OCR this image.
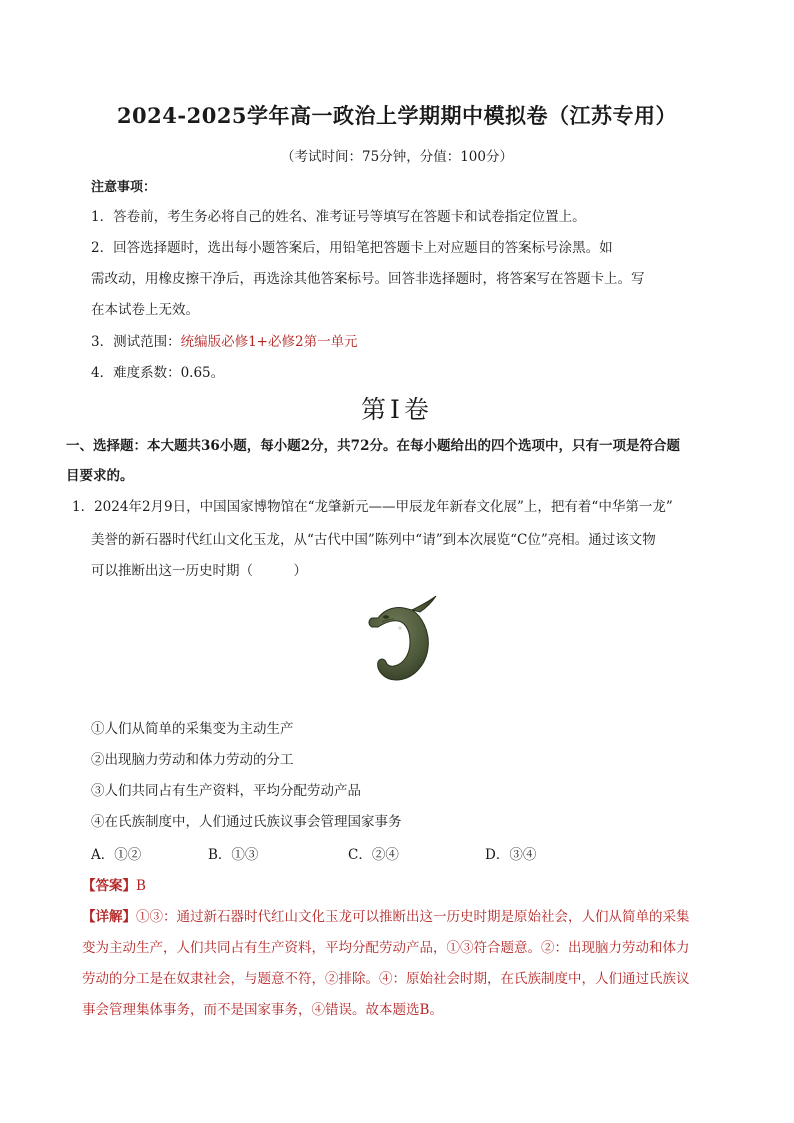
2024-2025学年高一政治上学期期中模拟卷（江苏专用）
（考试时间：75分钟，分值：100分）
注意事项：
1．答卷前，考生务必将自己的姓名、准考证号等填写在答题卡和试卷指定位置上。
2．回答选择题时，选出每小题答案后，用铅笔把答题卡上对应题目的答案标号涂黑。如
需改动，用橡皮擦干净后，再选涂其他答案标号。回答非选择题时，将答案写在答题卡上。写
在本试卷上无效。
3．测试范围：统编版必修1+必修2第一单元
4．难度系数：0.65。
第Ⅰ卷
一、选择题：本大题共36小题，每小题2分，共72分。在每小题给出的四个选项中，只有一项是符合题
目要求的。
1．2024年2月9日，中国国家博物馆在“龙肇新元——甲辰龙年新春文化展”上，把有着“中华第一龙”
美誉的新石器时代红山文化玉龙，从“古代中国”陈列中“请”到本次展览“C位”亮相。通过该文物
可以推断出这一历史时期（　　　）
①人们从简单的采集变为主动生产
②出现脑力劳动和体力劳动的分工
③人们共同占有生产资料，平均分配劳动产品
④在氏族制度中，人们通过氏族议事会管理国家事务
A．①②	B．①③	C．②④	D．③④
【答案】B
【详解】①③：通过新石器时代红山文化玉龙可以推断出这一历史时期是原始社会，人们从简单的采集
变为主动生产，人们共同占有生产资料，平均分配劳动产品，①③符合题意。②：出现脑力劳动和体力
劳动的分工是在奴隶社会，与题意不符，②排除。④：原始社会时期，在氏族制度中，人们通过氏族议
事会管理集体事务，而不是国家事务，④错误。故本题选B。
